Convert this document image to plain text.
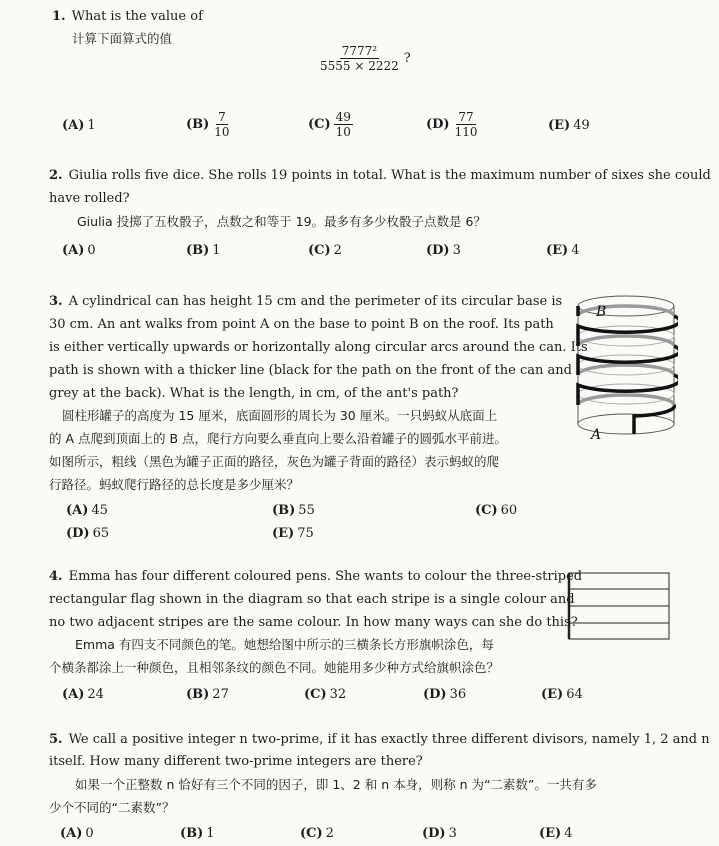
1. What is the value of
计算下面算式的值
$\frac{\text{7777²}}{5555 \times 2222}$ ?
(A) 1	$(B) \frac{7}{10}$	$(C) \frac{49}{10}$	$(D) \frac{77}{110}$	(E) 49
2. Giulia rolls five dice. She rolls 19 points in total. What is the maximum number of sixes she could
have rolled?
Giulia 投掷了五枚骰子，点数之和等于 19。最多有多少枚骰子点数是 6？
(A) 0	(B) 1	(C) 2	(D) 3	(E) 4
3. A cylindrical can has height 15 cm and the perimeter of its circular base is
30 cm. An ant walks from point A on the base to point B on the roof. Its path
is either vertically upwards or horizontally along circular arcs around the can. Its
path is shown with a thicker line (black for the path on the front of the can and
grey at the back). What is the length, in cm, of the ant's path?
圆柱形罐子的高度为 15 厘米，底面圆形的周长为 30 厘米。一只蚂蚁从底面上
的 A 点爬到顶面上的 B 点，爬行方向要么垂直向上要么沿着罐子的圆弧水平前进。
如图所示，粗线（黑色为罐子正面的路径，灰色为罐子背面的路径）表示蚂蚁的爬
行路径。蚂蚁爬行路径的总长度是多少厘米？
B
A
(A) 45	(B) 55	(C) 60
(D) 65	(E) 75
4. Emma has four different coloured pens. She wants to colour the three-striped
rectangular flag shown in the diagram so that each stripe is a single colour and
no two adjacent stripes are the same colour. In how many ways can she do this?
Emma 有四支不同颜色的笔。她想给图中所示的三横条长方形旗帜涂色，每
个横条都涂上一种颜色，且相邻条纹的颜色不同。她能用多少种方式给旗帜涂色？
(A) 24	(B) 27	(C) 32	(D) 36	(E) 64
5. We call a positive integer n two-prime, if it has exactly three different divisors, namely 1, 2 and n
itself. How many different two-prime integers are there?
如果一个正整数 n 恰好有三个不同的因子，即 1、2 和 n 本身，则称 n 为“二素数”。一共有多
少个不同的“二素数”？
(A) 0	(B) 1	(C) 2	(D) 3	(E) 4
